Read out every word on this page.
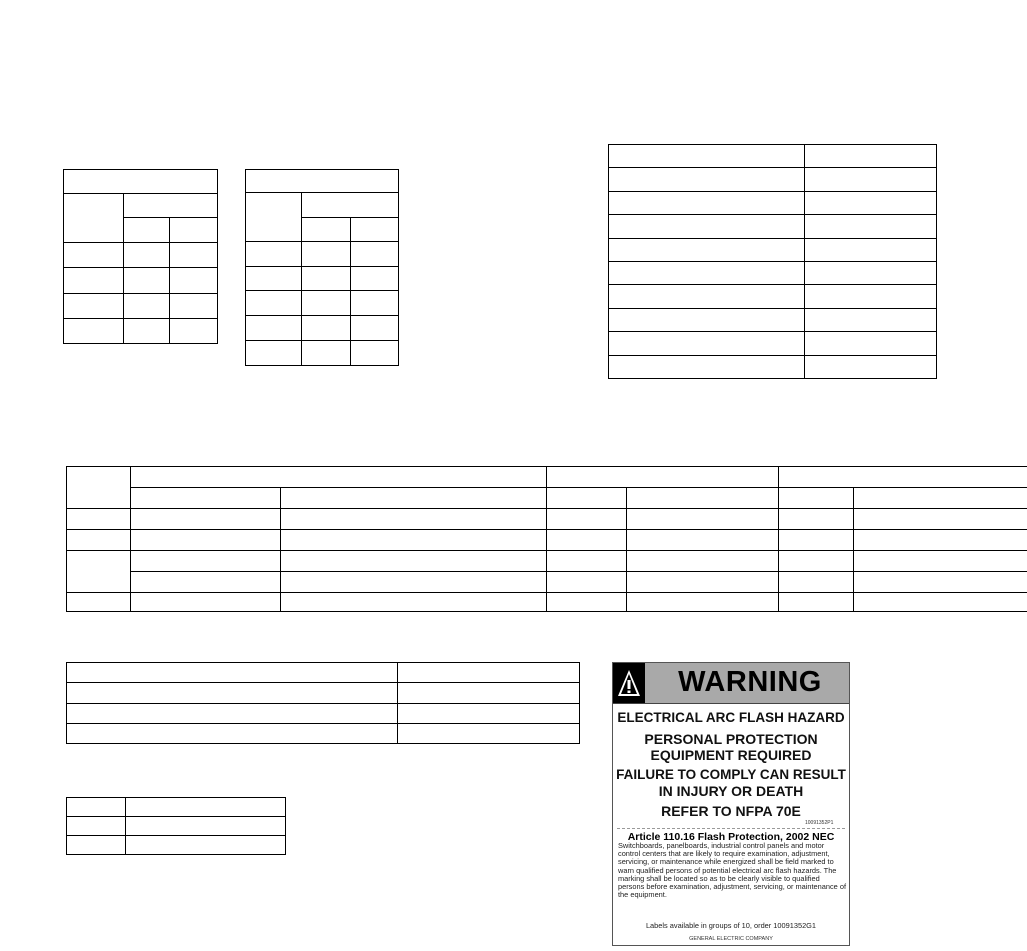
WARNING
ELECTRICAL ARC FLASH HAZARD
PERSONAL PROTECTION
EQUIPMENT REQUIRED
FAILURE TO COMPLY CAN RESULT
IN INJURY OR DEATH
REFER TO NFPA 70E
10091352P1
Article 110.16 Flash Protection, 2002 NEC
Switchboards, panelboards, industrial control panels and motor control centers that are likely to require examination, adjustment, servicing, or maintenance while energized shall be field marked to warn qualified persons of potential electrical arc flash hazards. The marking shall be located so as to be clearly visible to qualified persons before examination, adjustment, servicing, or maintenance of the equipment.
Labels available in groups of 10, order 10091352G1
GENERAL ELECTRIC COMPANY
